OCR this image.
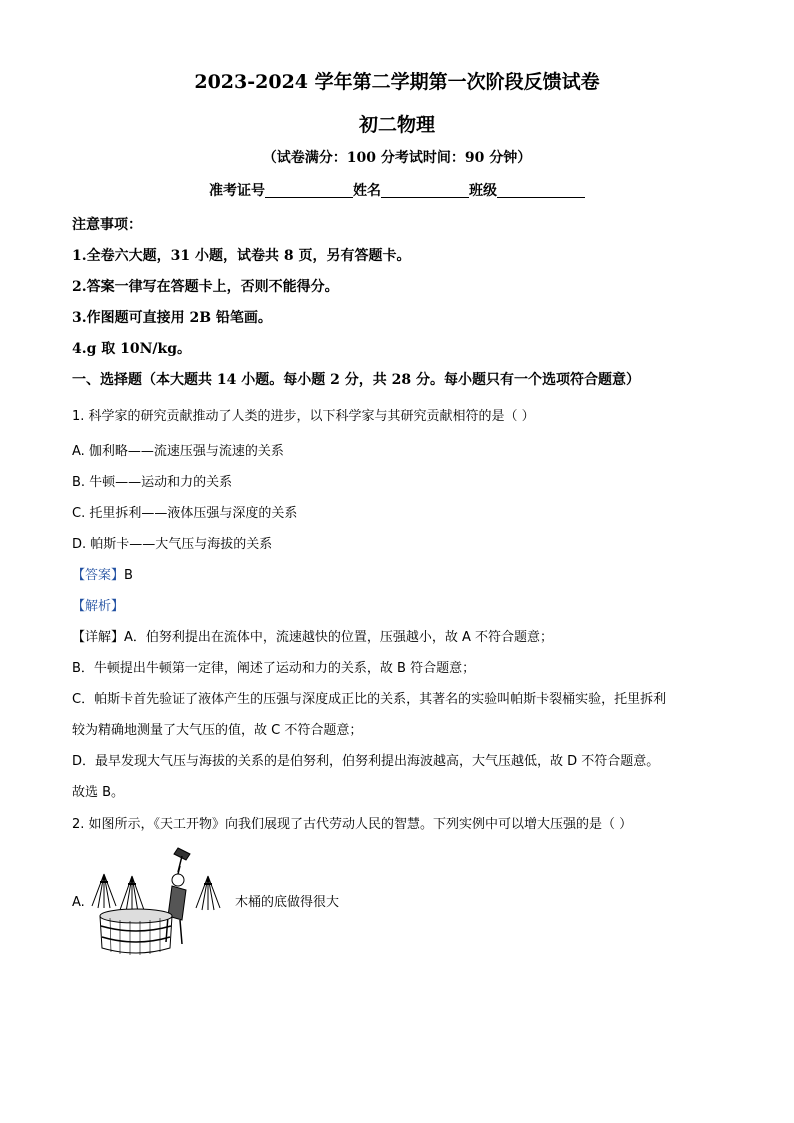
2023-2024 学年第二学期第一次阶段反馈试卷
初二物理
（试卷满分：100 分考试时间：90 分钟）
准考证号	姓名	班级
注意事项：
1.全卷六大题，31 小题，试卷共 8 页，另有答题卡。
2.答案一律写在答题卡上，否则不能得分。
3.作图题可直接用 2B 铅笔画。
4.g 取 10N/kg。
一、选择题（本大题共 14 小题。每小题 2 分，共 28 分。每小题只有一个选项符合题意）
1. 科学家的研究贡献推动了人类的进步，以下科学家与其研究贡献相符的是（ ）
A. 伽利略——流速压强与流速的关系
B. 牛顿——运动和力的关系
C. 托里拆利——液体压强与深度的关系
D. 帕斯卡——大气压与海拔的关系
【答案】B
【解析】
【详解】A．伯努利提出在流体中，流速越快的位置，压强越小，故 A 不符合题意；
B．牛顿提出牛顿第一定律，阐述了运动和力的关系，故 B 符合题意；
C．帕斯卡首先验证了液体产生的压强与深度成正比的关系，其著名的实验叫帕斯卡裂桶实验，托里拆利
较为精确地测量了大气压的值，故 C 不符合题意；
D．最早发现大气压与海拔的关系的是伯努利，伯努利提出海波越高，大气压越低，故 D 不符合题意。
故选 B。
2. 如图所示，《天工开物》向我们展现了古代劳动人民的智慧。下列实例中可以增大压强的是（ ）
A.	木桶的底做得很大
